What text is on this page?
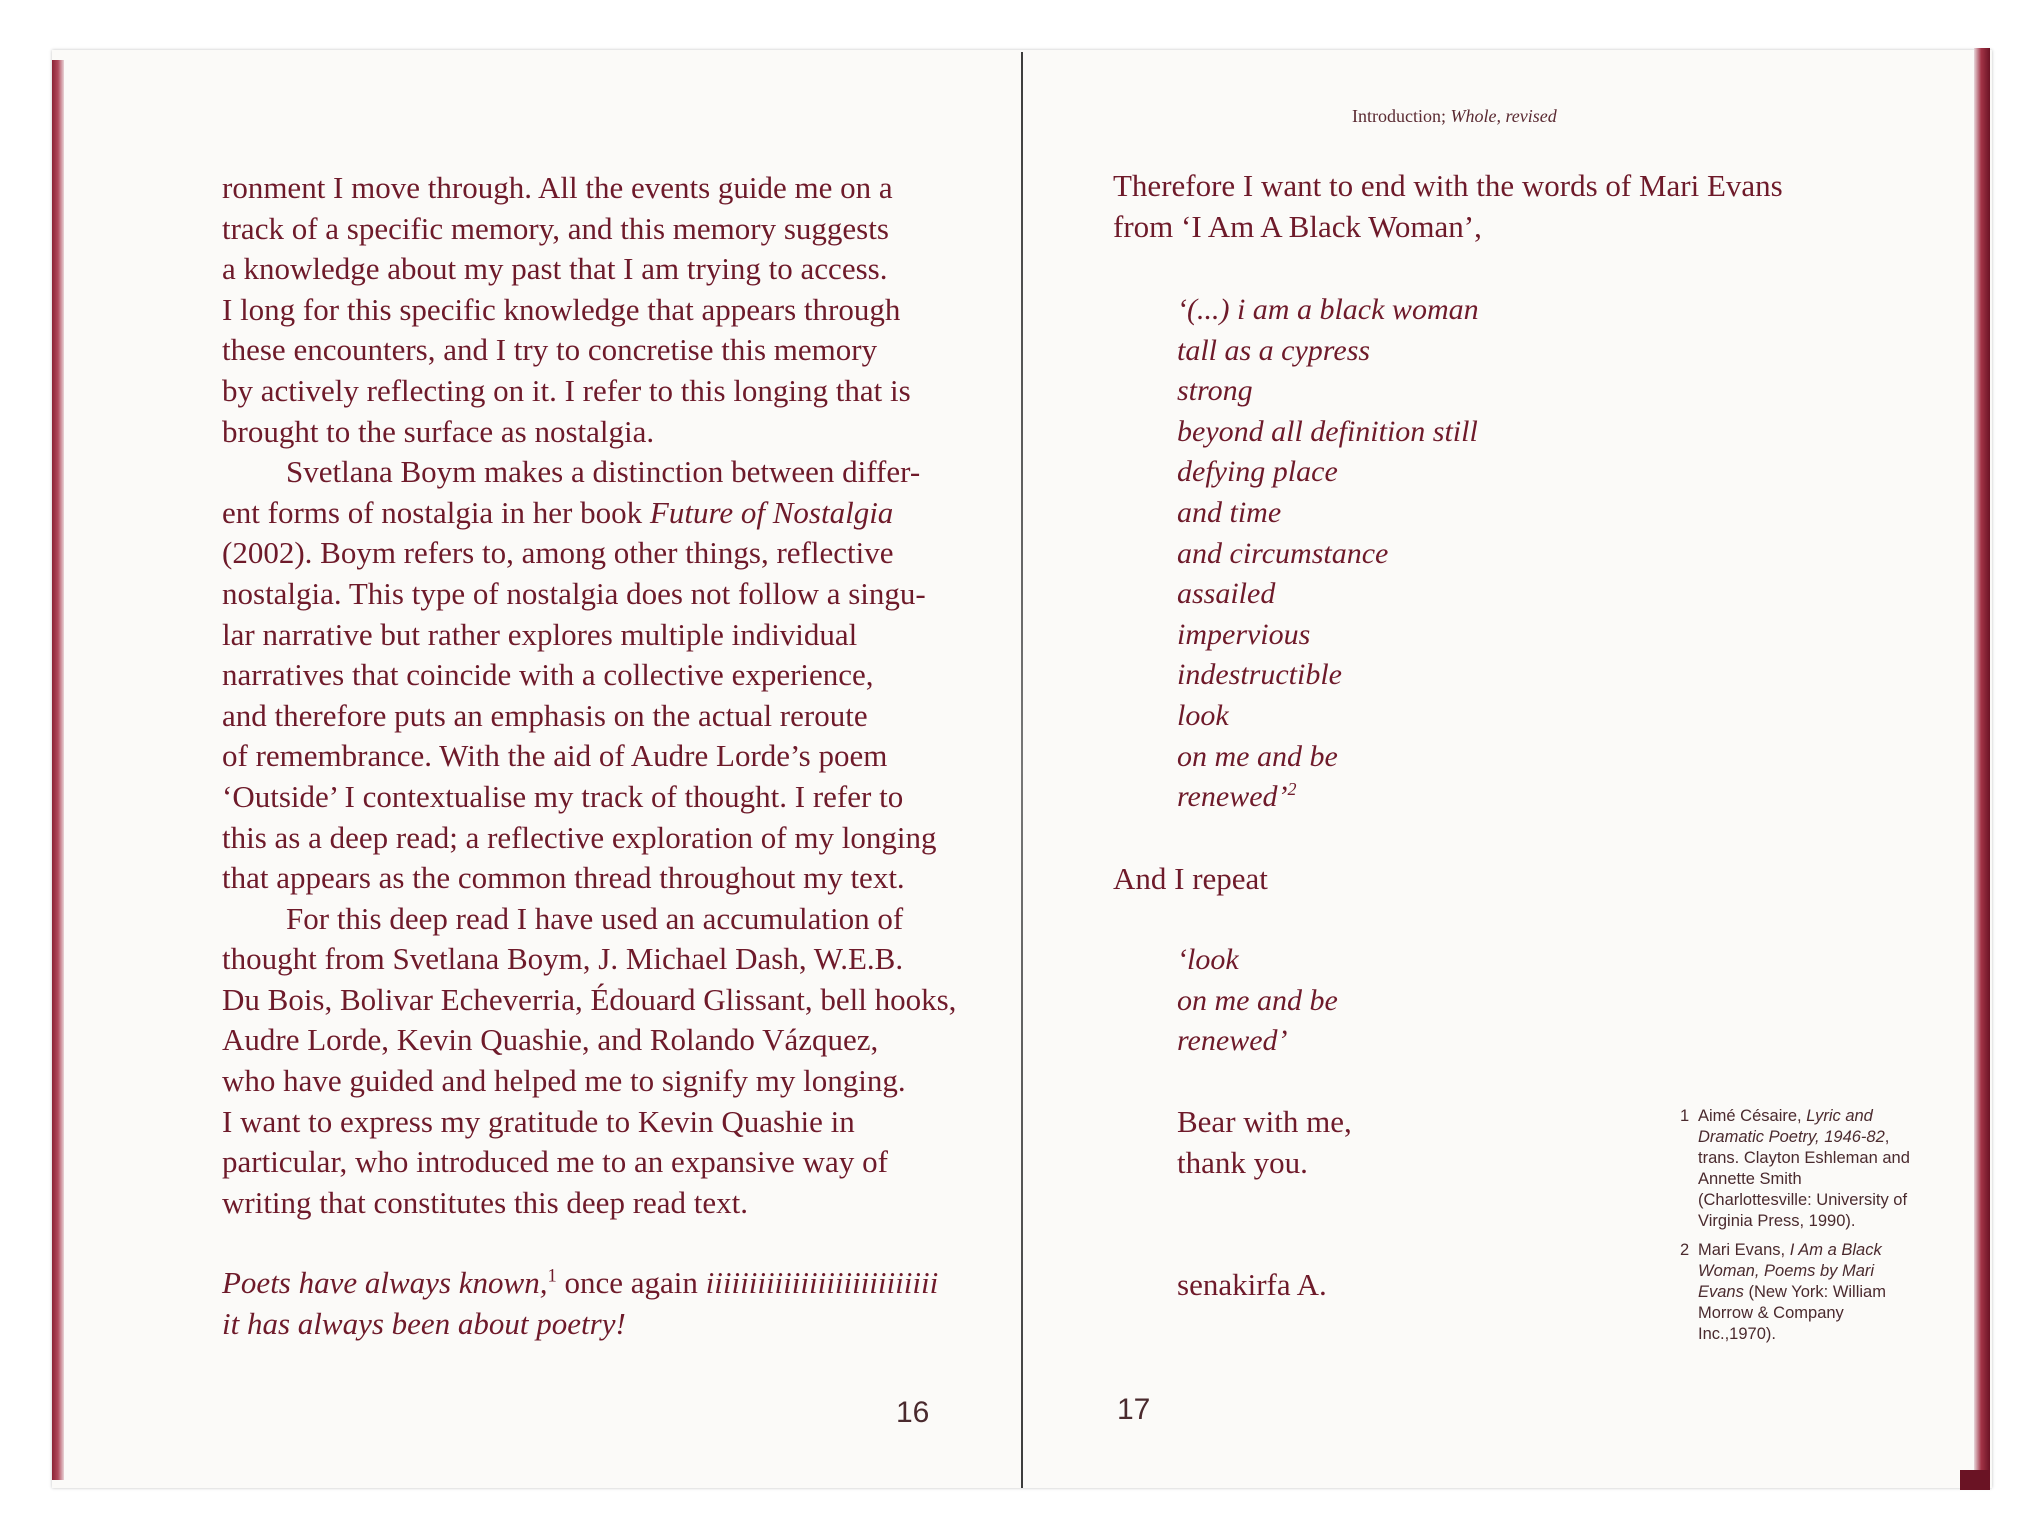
ronment I move through. All the events guide me on a
track of a specific memory, and this memory suggests
a knowledge about my past that I am trying to access.
I long for this specific knowledge that appears through
these encounters, and I try to concretise this memory
by actively reflecting on it. I refer to this longing that is
brought to the surface as nostalgia.
Svetlana Boym makes a distinction between differ-
ent forms of nostalgia in her book Future of Nostalgia
(2002). Boym refers to, among other things, reflective
nostalgia. This type of nostalgia does not follow a singu-
lar narrative but rather explores multiple individual
narratives that coincide with a collective experience,
and therefore puts an emphasis on the actual reroute
of remembrance. With the aid of Audre Lorde’s poem
‘Outside’ I contextualise my track of thought. I refer to
this as a deep read; a reflective exploration of my longing
that appears as the common thread throughout my text.
For this deep read I have used an accumulation of
thought from Svetlana Boym, J. Michael Dash, W.E.B.
Du Bois, Bolivar Echeverria, Édouard Glissant, bell hooks,
Audre Lorde, Kevin Quashie, and Rolando Vázquez,
who have guided and helped me to signify my longing.
I want to express my gratitude to Kevin Quashie in
particular, who introduced me to an expansive way of
writing that constitutes this deep read text.
Poets have always known,$^1$ once again iiiiiiiiiiiiiiiiiiiiiiiiiii
it has always been about poetry!
16
Introduction; Whole, revised
Therefore I want to end with the words of Mari Evans
from ‘I Am A Black Woman’,
‘(...) i am a black woman
tall as a cypress
strong
beyond all definition still
defying place
and time
and circumstance
assailed
impervious
indestructible
look
on me and be
renewed’$^2$
And I repeat
‘look
on me and be
renewed’
Bear with me,
thank you.
senakirfa A.
17
1 Aimé Césaire, Lyric and Dramatic Poetry, 1946-82, trans. Clayton Eshleman and Annette Smith (Charlottesville: University of Virginia Press, 1990).
2 Mari Evans, I Am a Black Woman, Poems by Mari Evans (New York: William Morrow & Company Inc.,1970).
